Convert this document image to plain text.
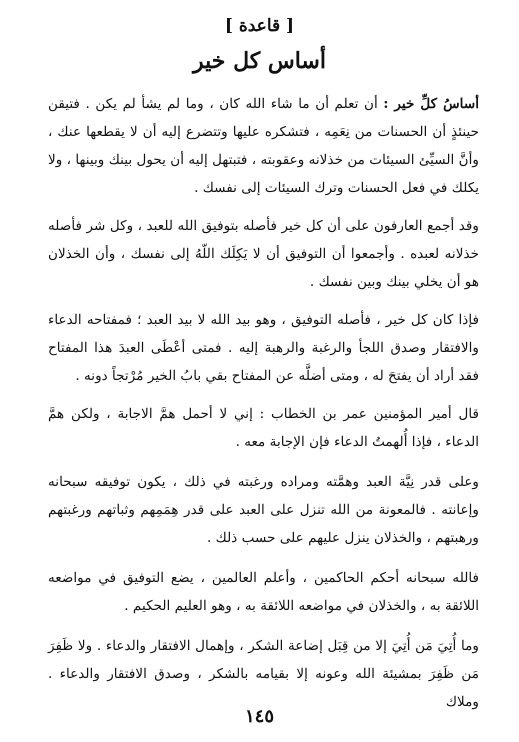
[ قاعدة ]
أساس كل خير

أساسُ كلِّ خير : أن تعلم أن ما شاء الله كان ، وما لم يشأ لم يكن . فتيقن حينئذٍ أن الحسنات من نِعَمِه ، فتشكره عليها وتتضرع إليه أن لا يقطعها عنك ، وأنَّ السيِّئ السيئات من خذلانه وعقوبته ، فتبتهل إليه أن يحول بينك وبينها ، ولا يكلك في فعل الحسنات وترك السيئات إلى نفسك .

وقد أجمع العارفون على أن كل خير فأصله بتوفيق الله للعبد ، وكل شر فأصله خذلانه لعبده . وأجمعوا أن التوفيق أن لا يَكِلَك اللّهُ إلى نفسك ، وأن الخذلان هو أن يخلي بينك وبين نفسك .

فإذا كان كل خير ، فأصله التوفيق ، وهو بيد الله لا بيد العبد ؛ فمفتاحه الدعاء والافتقار وصدق اللجأ والرغبة والرهبة إليه . فمتى أعْطَى العبدَ هذا المفتاح فقد أراد أن يفتحَ له ، ومتى أضلَّه عن المفتاح بقي بابُ الخير مُرْتجاً دونه .

قال أمير المؤمنين عمر بن الخطاب : إني لا أحمل همَّ الاجابة ، ولكن همَّ الدعاء ، فإذا أُلهمتُ الدعاء فإن الإجابة معه .

وعلى قدر نِيَّة العبد وهمَّته ومراده ورغبته في ذلك ، يكون توفيقه سبحانه وإعانته . فالمعونة من الله تنزل على العبد على قدر هِمَمِهم وثباتهم ورغبتهم ورهبتهم ، والخذلان ينزل عليهم على حسب ذلك .

فالله سبحانه أحكم الحاكمين ، وأعلم العالمين ، يضع التوفيق في مواضعه اللائقة به ، والخذلان في مواضعه اللائقة به ، وهو العليم الحكيم .

وما أُتِيَ مَن أُتِيَ إلا من قِبَل إضاعة الشكر ، وإهمال الافتقار والدعاء . ولا ظَفِرَ مَن ظَفِرَ بمشيئة الله وعونه إلا بقيامه بالشكر ، وصدق الافتقار والدعاء . وملاك

١٤٥
